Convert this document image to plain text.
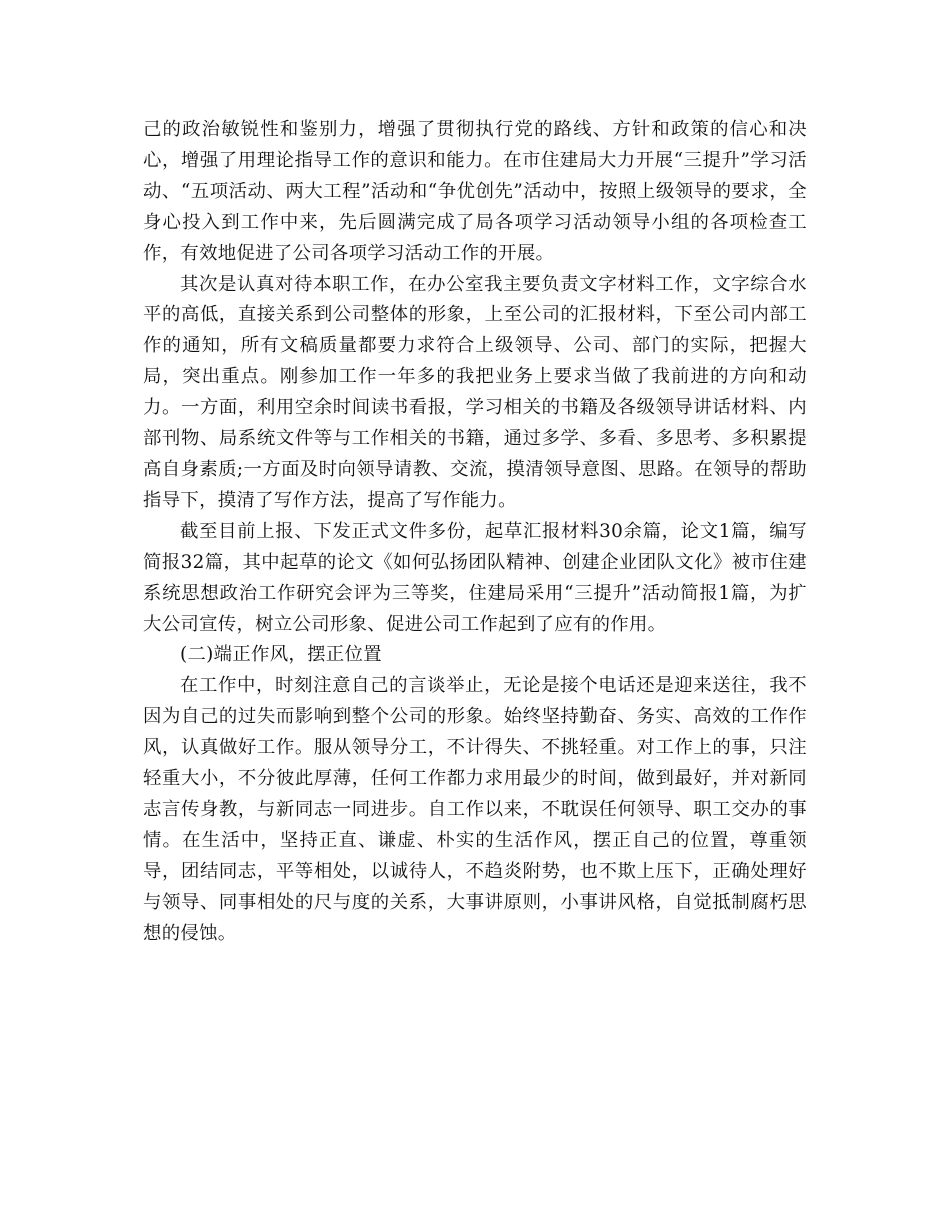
己的政治敏锐性和鉴别力，增强了贯彻执行党的路线、方针和政策的信心和决心，增强了用理论指导工作的意识和能力。在市住建局大力开展“三提升”学习活动、“五项活动、两大工程”活动和“争优创先”活动中，按照上级领导的要求，全身心投入到工作中来，先后圆满完成了局各项学习活动领导小组的各项检查工作，有效地促进了公司各项学习活动工作的开展。

其次是认真对待本职工作，在办公室我主要负责文字材料工作，文字综合水平的高低，直接关系到公司整体的形象，上至公司的汇报材料，下至公司内部工作的通知，所有文稿质量都要力求符合上级领导、公司、部门的实际，把握大局，突出重点。刚参加工作一年多的我把业务上要求当做了我前进的方向和动力。一方面，利用空余时间读书看报，学习相关的书籍及各级领导讲话材料、内部刊物、局系统文件等与工作相关的书籍，通过多学、多看、多思考、多积累提高自身素质;一方面及时向领导请教、交流，摸清领导意图、思路。在领导的帮助指导下，摸清了写作方法，提高了写作能力。

截至目前上报、下发正式文件多份，起草汇报材料30余篇，论文1篇，编写简报32篇，其中起草的论文《如何弘扬团队精神、创建企业团队文化》被市住建系统思想政治工作研究会评为三等奖，住建局采用“三提升”活动简报1篇，为扩大公司宣传，树立公司形象、促进公司工作起到了应有的作用。

(二)端正作风，摆正位置

在工作中，时刻注意自己的言谈举止，无论是接个电话还是迎来送往，我不因为自己的过失而影响到整个公司的形象。始终坚持勤奋、务实、高效的工作作风，认真做好工作。服从领导分工，不计得失、不挑轻重。对工作上的事，只注轻重大小，不分彼此厚薄，任何工作都力求用最少的时间，做到最好，并对新同志言传身教，与新同志一同进步。自工作以来，不耽误任何领导、职工交办的事情。在生活中，坚持正直、谦虚、朴实的生活作风，摆正自己的位置，尊重领导，团结同志，平等相处，以诚待人，不趋炎附势，也不欺上压下，正确处理好与领导、同事相处的尺与度的关系，大事讲原则，小事讲风格，自觉抵制腐朽思想的侵蚀。
